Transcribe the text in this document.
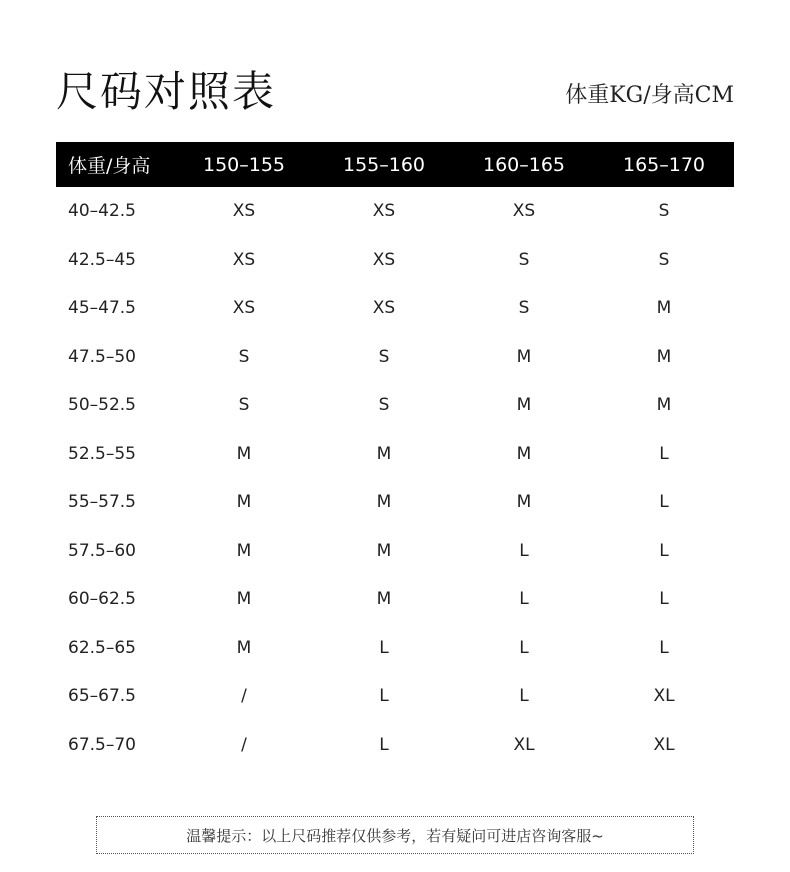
尺码对照表	体重KG/身高CM
体重/身高	150–155	155–160	160–165	165–170
40–42.5	XS	XS	XS	S
42.5–45	XS	XS	S	S
45–47.5	XS	XS	S	M
47.5–50	S	S	M	M
50–52.5	S	S	M	M
52.5–55	M	M	M	L
55–57.5	M	M	M	L
57.5–60	M	M	L	L
60–62.5	M	M	L	L
62.5–65	M	L	L	L
65–67.5	/	L	L	XL
67.5–70	/	L	XL	XL
温馨提示：以上尺码推荐仅供参考，若有疑问可进店咨询客服~
